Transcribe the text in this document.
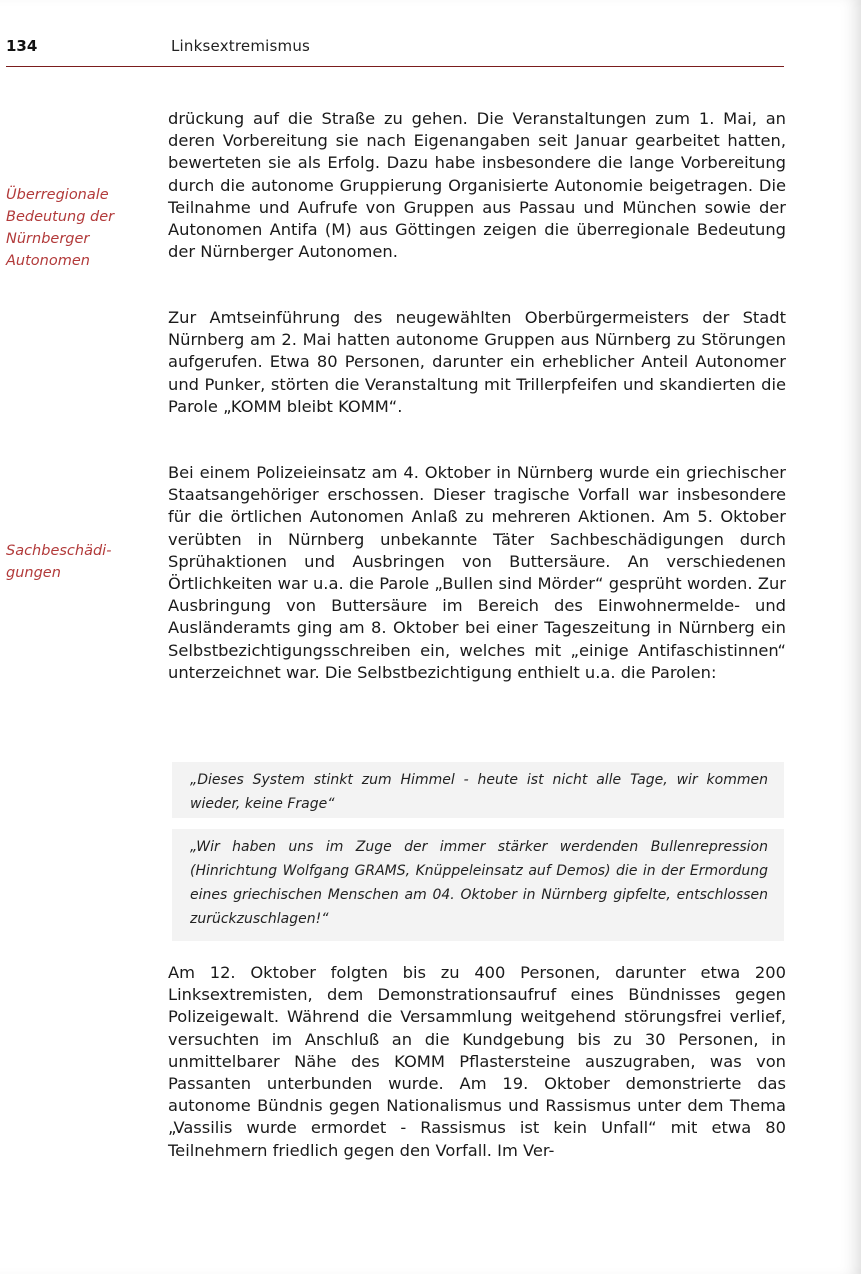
134	Linksextremismus
Überregionale Bedeutung der Nürnberger Autonomen
Sachbeschädi- gungen

drückung auf die Straße zu gehen. Die Veranstaltungen zum 1. Mai, an deren Vorbereitung sie nach Eigenangaben seit Januar gearbeitet hatten, bewerteten sie als Erfolg. Dazu habe insbesondere die lange Vorbereitung durch die autonome Gruppierung Organisierte Autonomie beigetragen. Die Teilnahme und Aufrufe von Gruppen aus Passau und München sowie der Autonomen Antifa (M) aus Göttingen zeigen die überregionale Bedeutung der Nürnberger Autonomen.

Zur Amtseinführung des neugewählten Oberbürgermeisters der Stadt Nürnberg am 2. Mai hatten autonome Gruppen aus Nürnberg zu Störungen aufgerufen. Etwa 80 Personen, darunter ein erheblicher Anteil Autonomer und Punker, störten die Veranstaltung mit Trillerpfeifen und skandierten die Parole „KOMM bleibt KOMM“.

Bei einem Polizeieinsatz am 4. Oktober in Nürnberg wurde ein griechischer Staatsangehöriger erschossen. Dieser tragische Vorfall war insbesondere für die örtlichen Autonomen Anlaß zu mehreren Aktionen. Am 5. Oktober verübten in Nürnberg unbekannte Täter Sachbeschädigungen durch Sprühaktionen und Ausbringen von Buttersäure. An verschiedenen Örtlichkeiten war u.a. die Parole „Bullen sind Mörder“ gesprüht worden. Zur Ausbringung von Buttersäure im Bereich des Einwohnermelde- und Ausländeramts ging am 8. Oktober bei einer Tageszeitung in Nürnberg ein Selbstbezichtigungsschreiben ein, welches mit „einige Antifaschistinnen“ unterzeichnet war. Die Selbstbezichtigung enthielt u.a. die Parolen:

„Dieses System stinkt zum Himmel - heute ist nicht alle Tage, wir kommen wieder, keine Frage“
„Wir haben uns im Zuge der immer stärker werdenden Bullenrepression (Hinrichtung Wolfgang GRAMS, Knüppeleinsatz auf Demos) die in der Ermordung eines griechischen Menschen am 04. Oktober in Nürnberg gipfelte, entschlossen zurückzuschlagen!“

Am 12. Oktober folgten bis zu 400 Personen, darunter etwa 200 Linksextremisten, dem Demonstrationsaufruf eines Bündnisses gegen Polizeigewalt. Während die Versammlung weitgehend störungsfrei verlief, versuchten im Anschluß an die Kundgebung bis zu 30 Personen, in unmittelbarer Nähe des KOMM Pflastersteine auszugraben, was von Passanten unterbunden wurde. Am 19. Oktober demonstrierte das autonome Bündnis gegen Nationalismus und Rassismus unter dem Thema „Vassilis wurde ermordet - Rassismus ist kein Unfall“ mit etwa 80 Teilnehmern friedlich gegen den Vorfall. Im Ver-
